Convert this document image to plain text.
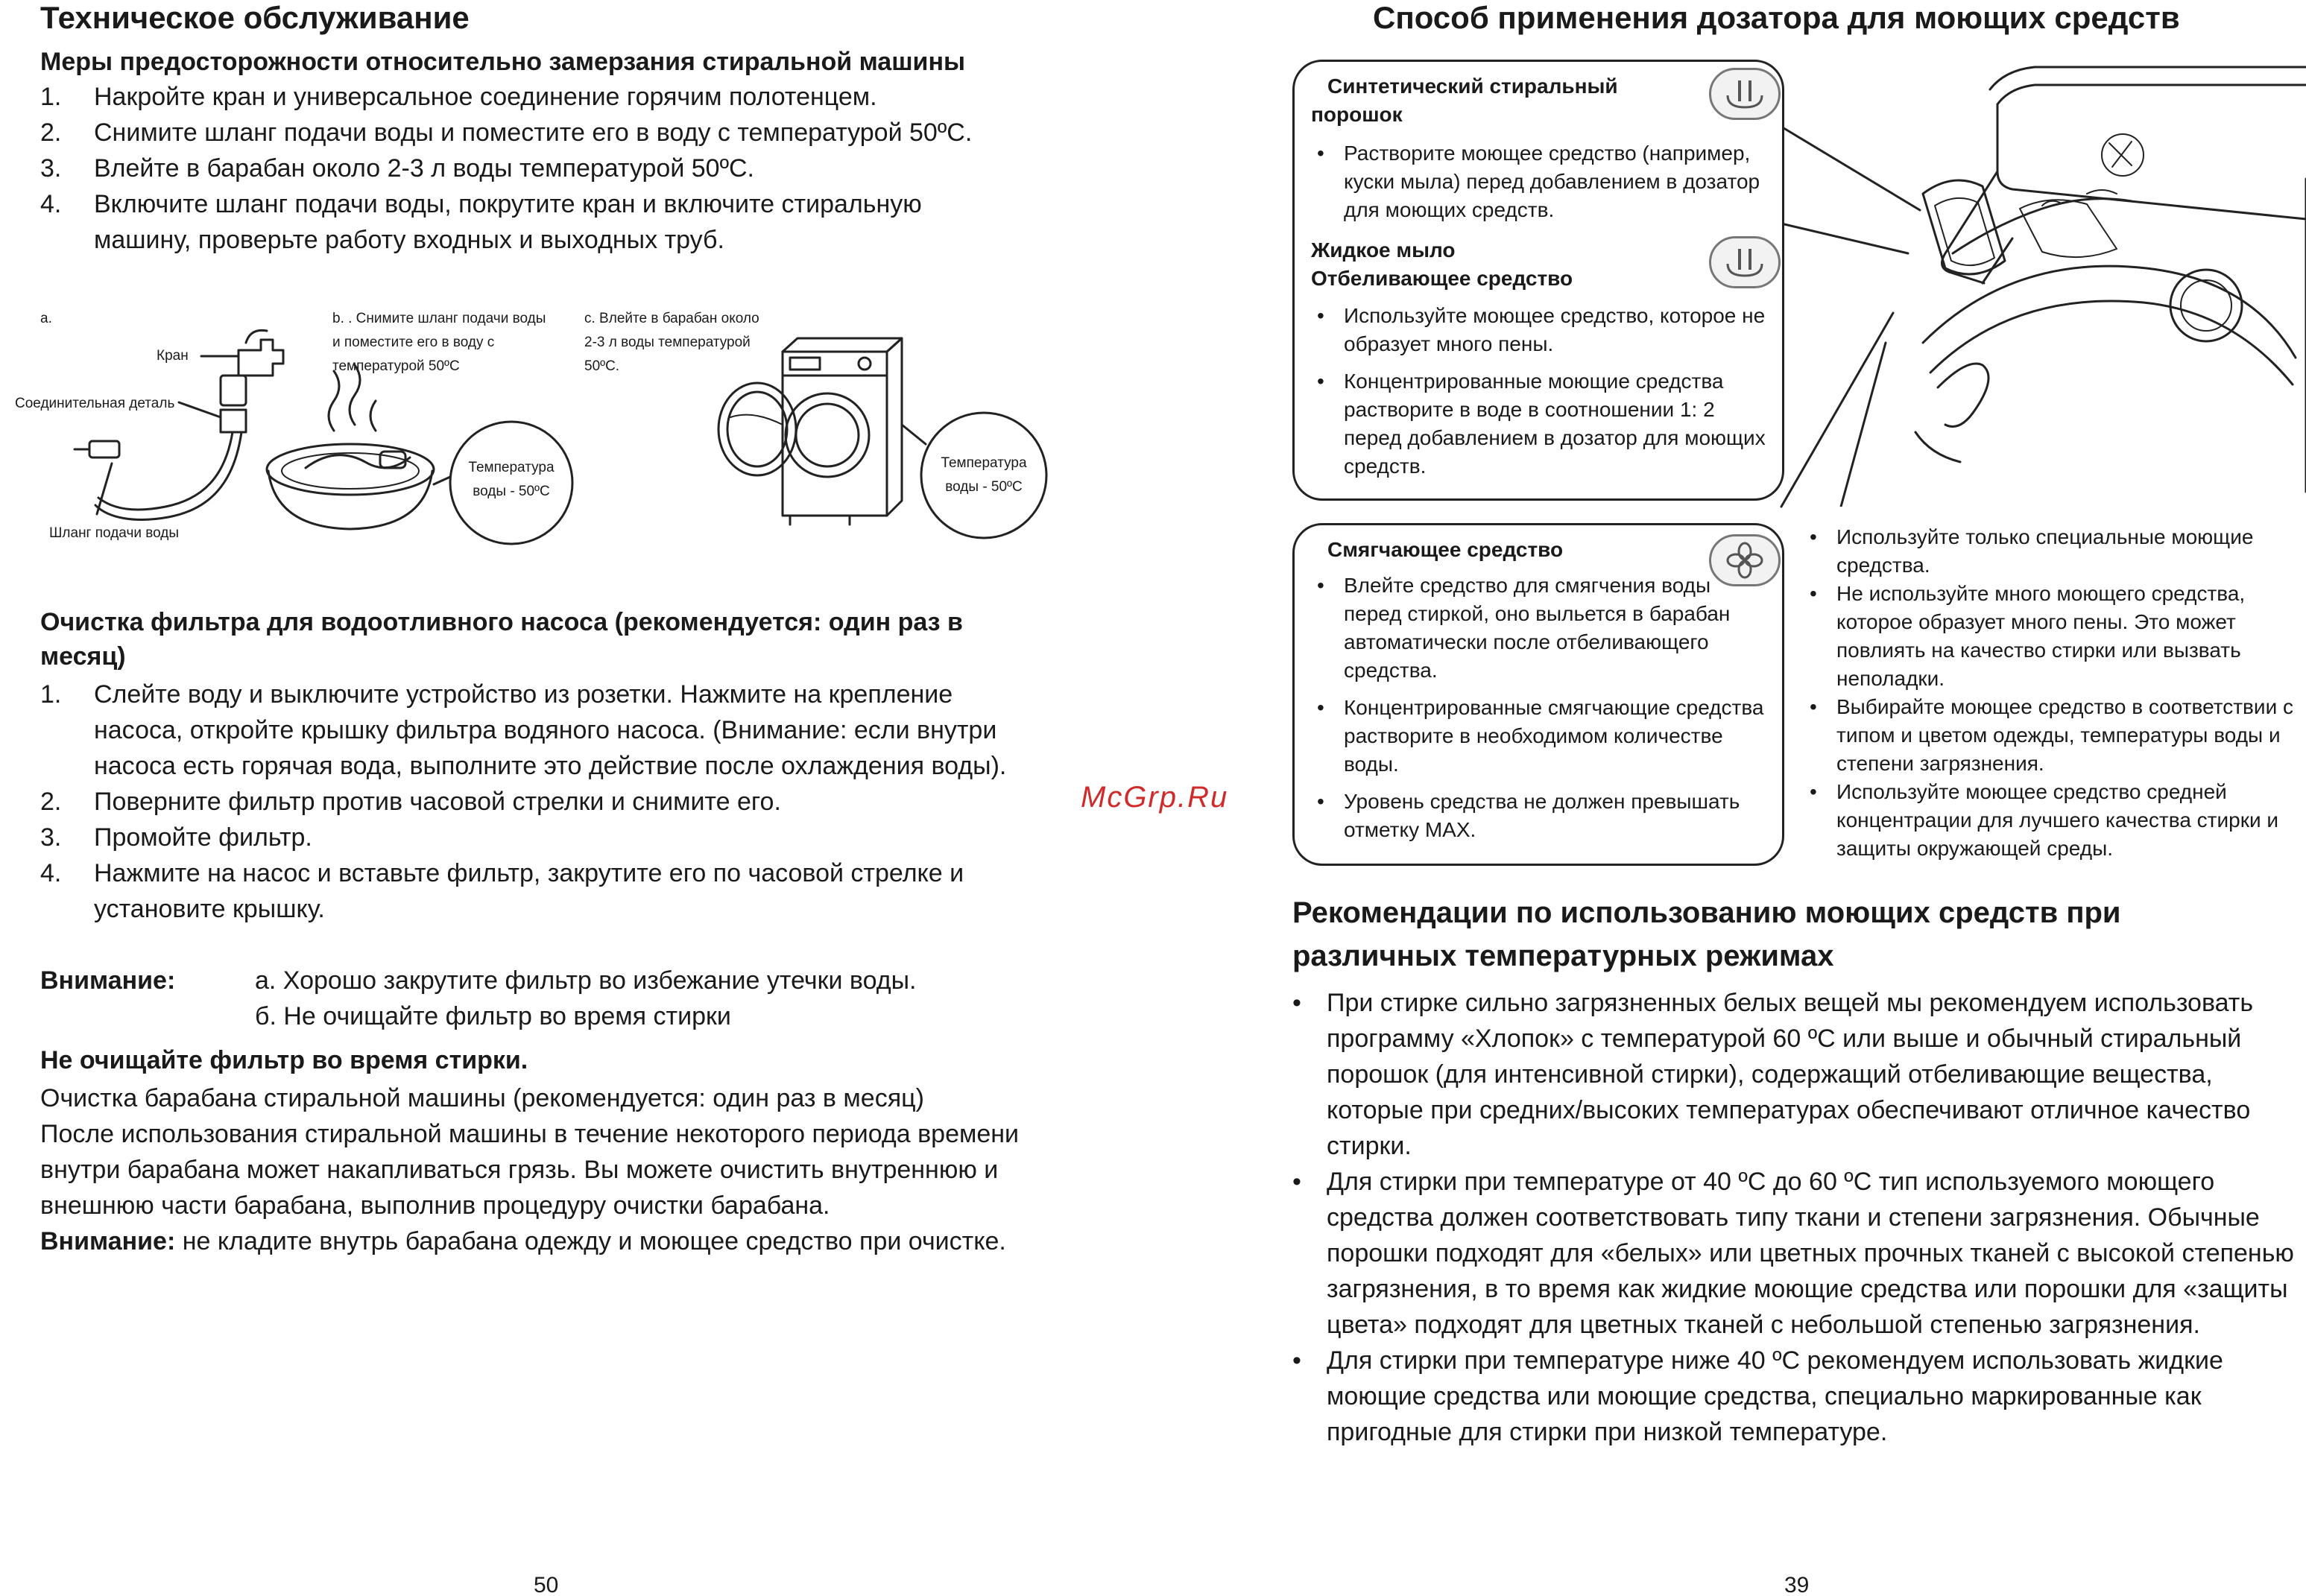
Техническое обслуживание
Меры предосторожности относительно замерзания стиральной машины
1. Накройте кран и универсальное соединение горячим полотенцем.
2. Снимите шланг подачи воды и поместите его в воду с температурой 50ºС.
3. Влейте в барабан около 2-3 л воды температурой 50ºС.
4. Включите шланг подачи воды, покрутите кран и включите стиральную машину, проверьте работу входных и выходных труб.
a.
Кран
Соединительная деталь
Шланг подачи воды
b. . Снимите шланг подачи воды и поместите его в воду с температурой 50ºС
c. Влейте в барабан около 2-3 л воды температурой 50ºС.
Температура воды - 50ºС
Температура воды - 50ºС
Очистка фильтра для водоотливного насоса (рекомендуется: один раз в месяц)
1. Слейте воду и выключите устройство из розетки. Нажмите на крепление насоса, откройте крышку фильтра водяного насоса. (Внимание: если внутри насоса есть горячая вода, выполните это действие после охлаждения воды).
2. Поверните фильтр против часовой стрелки и снимите его.
3. Промойте фильтр.
4. Нажмите на насос и вставьте фильтр, закрутите его по часовой стрелке и установите крышку.
Внимание:	а. Хорошо закрутите фильтр во избежание утечки воды.
б. Не очищайте фильтр во время стирки
Не очищайте фильтр во время стирки.
Очистка барабана стиральной машины (рекомендуется: один раз в месяц)
После использования стиральной машины в течение некоторого периода времени внутри барабана может накапливаться грязь. Вы можете очистить внутреннюю и внешнюю части барабана, выполнив процедуру очистки барабана.
Внимание: не кладите внутрь барабана одежду и моющее средство при очистке.
50
McGrp.Ru
Способ применения дозатора для моющих средств
Синтетический стиральный порошок
• Растворите моющее средство (например, куски мыла) перед добавлением в дозатор для моющих средств.
Жидкое мыло
Отбеливающее средство
• Используйте моющее средство, которое не образует много пены.
• Концентрированные моющие средства растворите в воде в соотношении 1: 2 перед добавлением в дозатор для моющих средств.
Смягчающее средство
• Влейте средство для смягчения воды перед стиркой, оно выльется в барабан автоматически после отбеливающего средства.
• Концентрированные смягчающие средства растворите в необходимом количестве воды.
• Уровень средства не должен превышать отметку MAX.
• Используйте только специальные моющие средства.
• Не используйте много моющего средства, которое образует много пены. Это может повлиять на качество стирки или вызвать неполадки.
• Выбирайте моющее средство в соответствии с типом и цветом одежды, температуры воды и степени загрязнения.
• Используйте моющее средство средней концентрации для лучшего качества стирки и защиты окружающей среды.
Рекомендации по использованию моющих средств при различных температурных режимах
• При стирке сильно загрязненных белых вещей мы рекомендуем использовать программу «Хлопок» с температурой 60 ºС или выше и обычный стиральный порошок (для интенсивной стирки), содержащий отбеливающие вещества, которые при средних/высоких температурах обеспечивают отличное качество стирки.
• Для стирки при температуре от 40 ºС до 60 ºС тип используемого моющего средства должен соответствовать типу ткани и степени загрязнения. Обычные порошки подходят для «белых» или цветных прочных тканей с высокой степенью загрязнения, в то время как жидкие моющие средства или порошки для «защиты цвета» подходят для цветных тканей с небольшой степенью загрязнения.
• Для стирки при температуре ниже 40 ºС рекомендуем использовать жидкие моющие средства или моющие средства, специально маркированные как пригодные для стирки при низкой температуре.
39
